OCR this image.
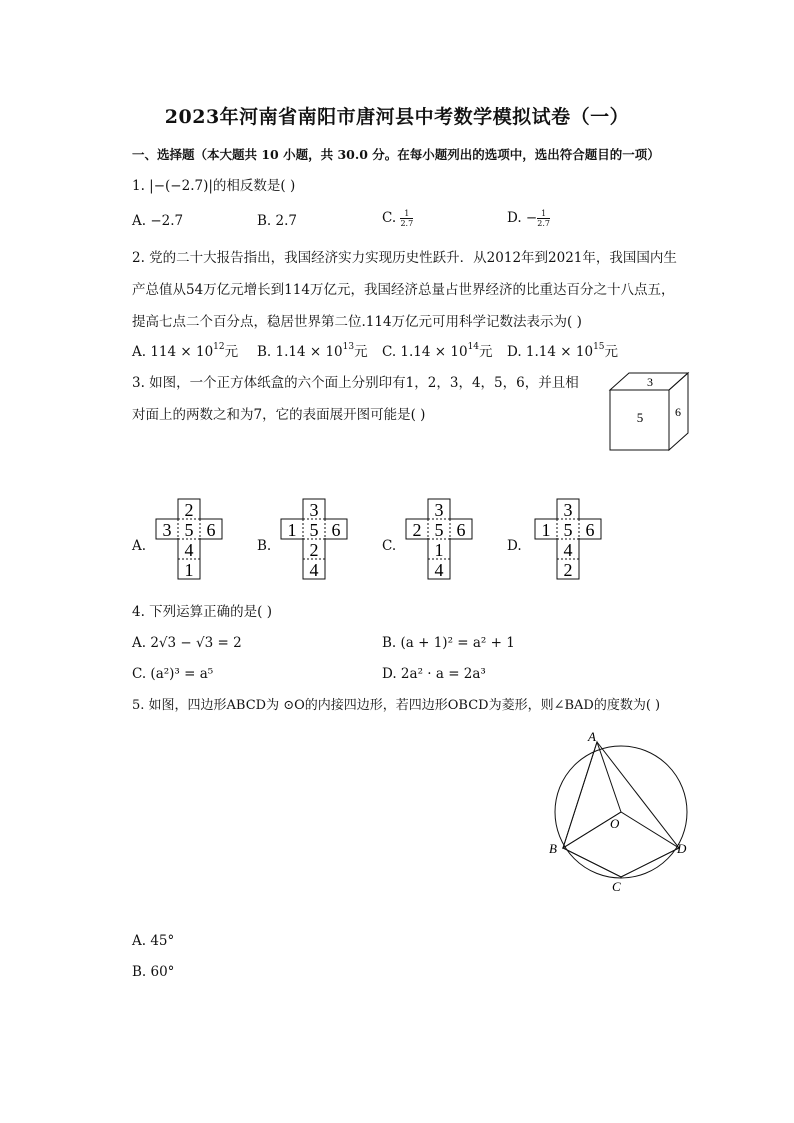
2023年河南省南阳市唐河县中考数学模拟试卷（一）
一、选择题（本大题共 10 小题，共 30.0 分。在每小题列出的选项中，选出符合题目的一项）
1. |−(−2.7)|的相反数是( )
A. −2.7	B. 2.7	C. $\frac{1}{2.7}$	D. − $\frac{1}{2.7}$
2. 党的二十大报告指出，我国经济实力实现历史性跃升．从2012年到2021年，我国国内生
产总值从54万亿元增长到114万亿元，我国经济总量占世界经济的比重达百分之十八点五，
提高七点二个百分点，稳居世界第二位.114万亿元可用科学记数法表示为( )
A. $114 \times 10^{12}$元 B. $1.14 \times 10^{13}$元 C. $1.14 \times 10^{14}$元 D. $1.14 \times 10^{15}$元
3. 如图，一个正方体纸盒的六个面上分别印有1，2，3，4，5，6，并且相
对面上的两数之和为7，它的表面展开图可能是( )	5
3
6
A.
2
3 5 6
4
1
B.
3
1 5 6
2
4
C.
3
2 5 6
1
4
D.
3
1 5 6
4
2
4. 下列运算正确的是( )
A. 2√3 − √3 = 2	B. (a + 1)² = a² + 1
C. (a²)³ = a⁵	D. 2a² · a = 2a³
5. 如图，四边形ABCD为 ⊙O的内接四边形，若四边形OBCD为菱形，则∠BAD的度数为( )
A
B
C
D
O
A. 45°
B. 60°
